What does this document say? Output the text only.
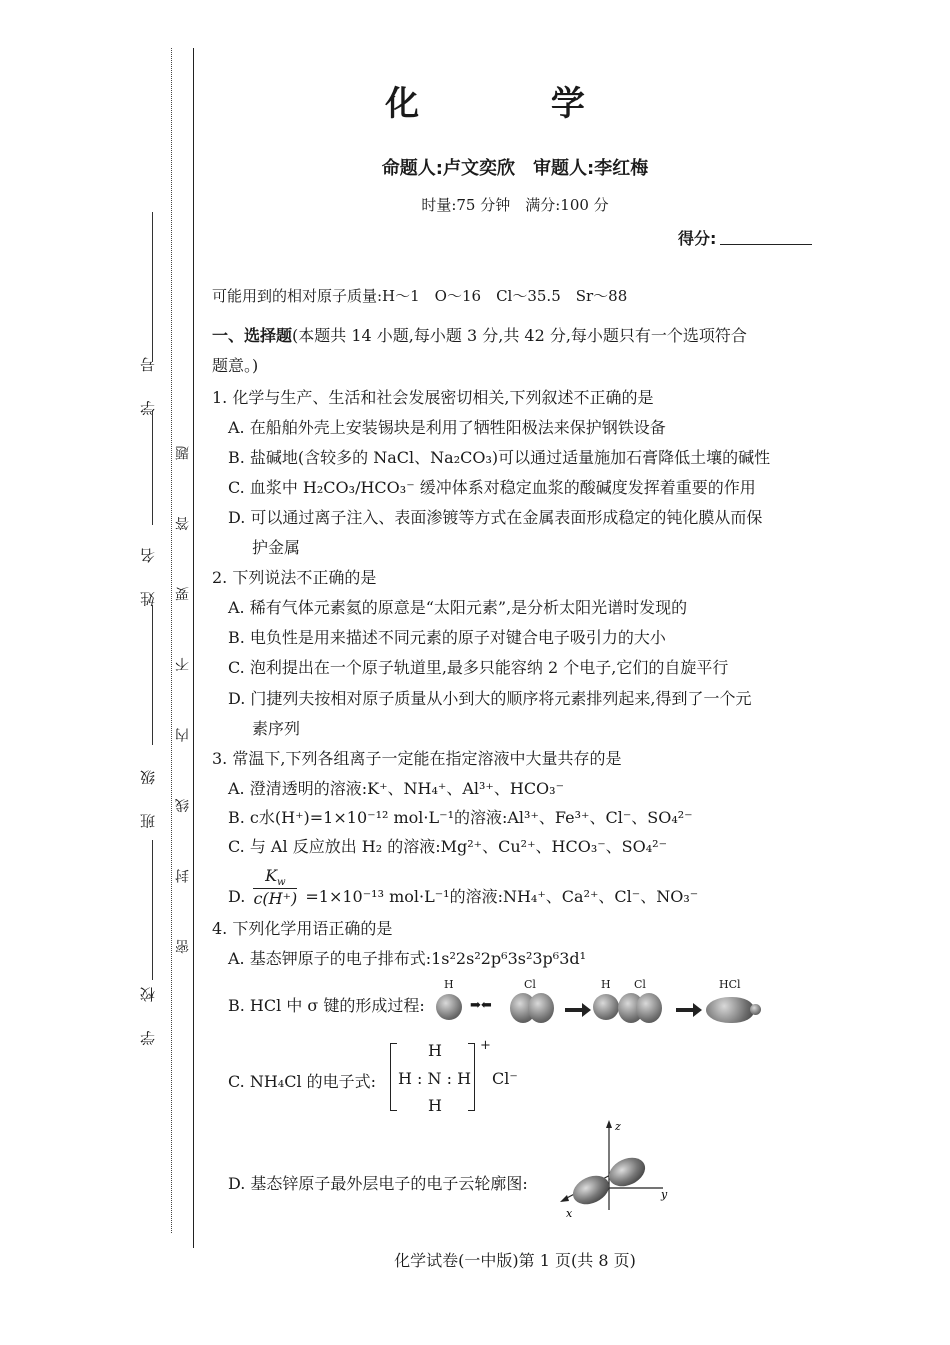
学 号
姓 名
班 级
学 校
密 封 线 内 不 要 答 题
化 学
命题人:卢文奕欣　审题人:李红梅
时量:75 分钟　满分:100 分
得分:
可能用到的相对原子质量:H～1　O～16　Cl～35.5　Sr～88
一、选择题(本题共 14 小题,每小题 3 分,共 42 分,每小题只有一个选项符合
题意。)
1. 化学与生产、生活和社会发展密切相关,下列叙述不正确的是
A. 在船舶外壳上安装锡块是利用了牺牲阳极法来保护钢铁设备
B. 盐碱地(含较多的 NaCl、Na₂CO₃)可以通过适量施加石膏降低土壤的碱性
C. 血浆中 H₂CO₃/HCO₃⁻ 缓冲体系对稳定血浆的酸碱度发挥着重要的作用
D. 可以通过离子注入、表面渗镀等方式在金属表面形成稳定的钝化膜从而保
护金属
2. 下列说法不正确的是
A. 稀有气体元素氦的原意是“太阳元素”,是分析太阳光谱时发现的
B. 电负性是用来描述不同元素的原子对键合电子吸引力的大小
C. 泡利提出在一个原子轨道里,最多只能容纳 2 个电子,它们的自旋平行
D. 门捷列夫按相对原子质量从小到大的顺序将元素排列起来,得到了一个元
素序列
3. 常温下,下列各组离子一定能在指定溶液中大量共存的是
A. 澄清透明的溶液:K⁺、NH₄⁺、Al³⁺、HCO₃⁻
B. c水(H⁺)=1×10⁻¹² mol·L⁻¹的溶液:Al³⁺、Fe³⁺、Cl⁻、SO₄²⁻
C. 与 Al 反应放出 H₂ 的溶液:Mg²⁺、Cu²⁺、HCO₃⁻、SO₄²⁻
D. $\frac{K_w}{c(H^+)} =1\times 10^{-13}$ mol·L⁻¹的溶液:NH₄⁺、Ca²⁺、Cl⁻、NO₃⁻
4. 下列化学用语正确的是
A. 基态钾原子的电子排布式:1s²2s²2p⁶3s²3p⁶3d¹
B. HCl 中 σ 键的形成过程:
H
➡⬅
Cl	H Cl	HCl
C. NH₄Cl 的电子式:
H
H : N : H
H
+
Cl⁻
D. 基态锌原子最外层电子的电子云轮廓图:
z
y
x
化学试卷(一中版)第 1 页(共 8 页)
